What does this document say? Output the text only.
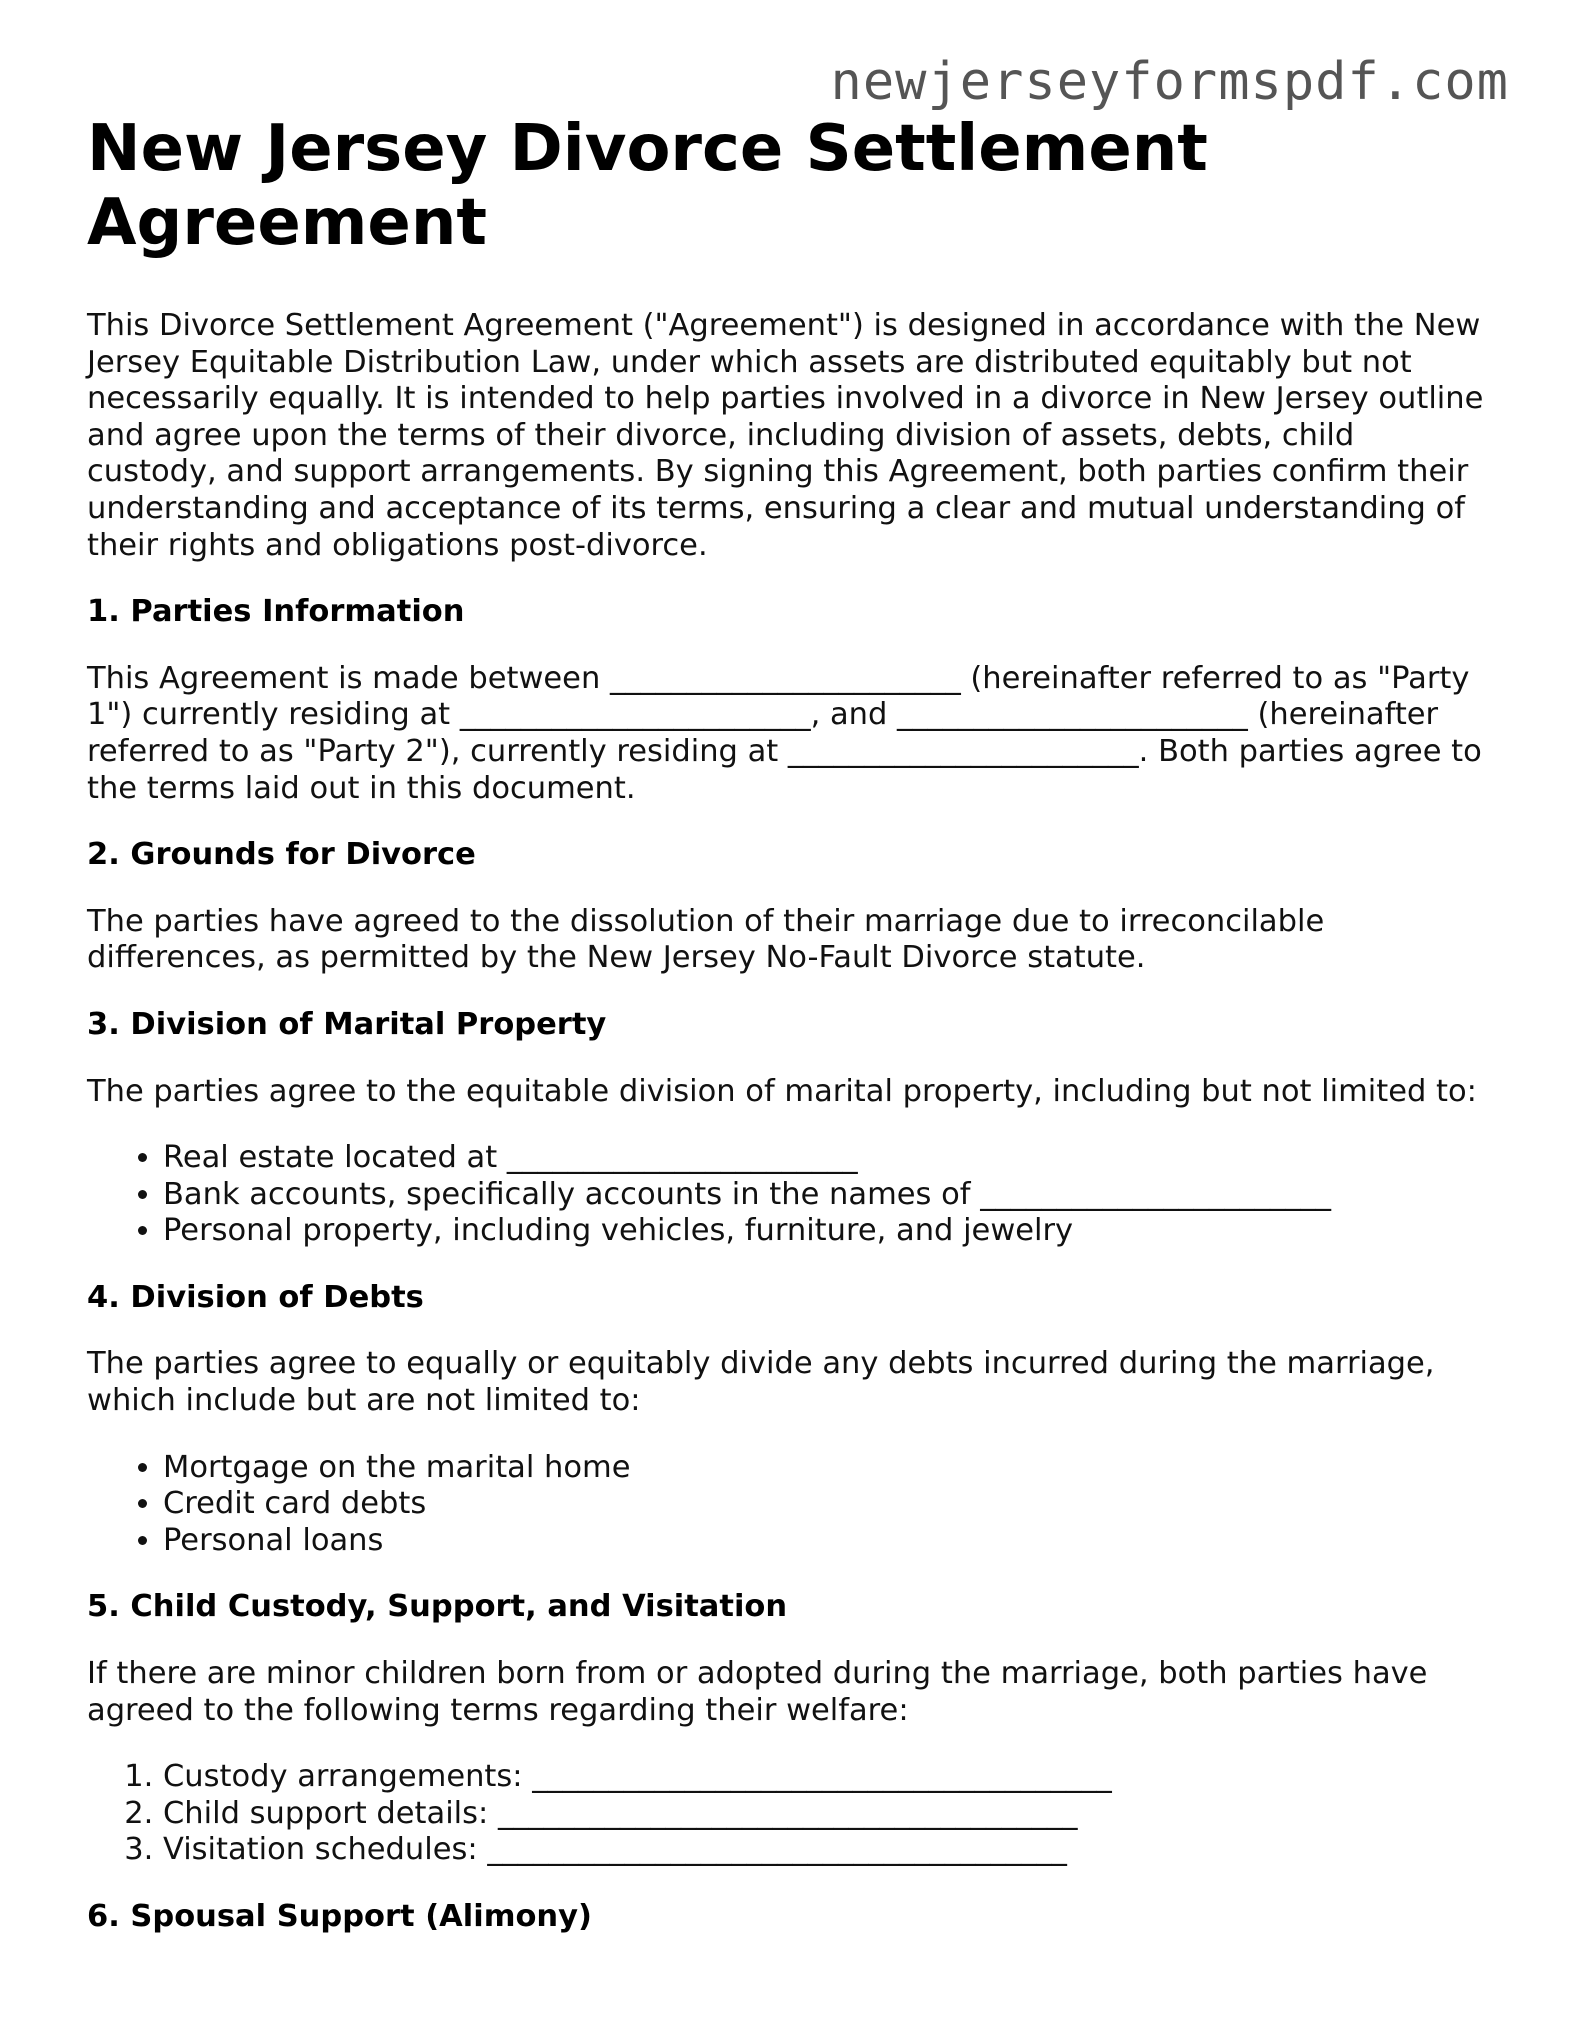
newjerseyformspdf.com
New Jersey Divorce Settlement Agreement

This Divorce Settlement Agreement ("Agreement") is designed in accordance with the New Jersey Equitable Distribution Law, under which assets are distributed equitably but not necessarily equally. It is intended to help parties involved in a divorce in New Jersey outline and agree upon the terms of their divorce, including division of assets, debts, child custody, and support arrangements. By signing this Agreement, both parties confirm their understanding and acceptance of its terms, ensuring a clear and mutual understanding of their rights and obligations post-divorce.

1. Parties Information

This Agreement is made between _______________________ (hereinafter referred to as "Party 1") currently residing at _______________________, and _______________________ (hereinafter referred to as "Party 2"), currently residing at _______________________. Both parties agree to the terms laid out in this document.

2. Grounds for Divorce

The parties have agreed to the dissolution of their marriage due to irreconcilable differences, as permitted by the New Jersey No-Fault Divorce statute.

3. Division of Marital Property

The parties agree to the equitable division of marital property, including but not limited to:

• Real estate located at _______________________
• Bank accounts, specifically accounts in the names of _______________________
• Personal property, including vehicles, furniture, and jewelry
4. Division of Debts

The parties agree to equally or equitably divide any debts incurred during the marriage, which include but are not limited to:

• Mortgage on the marital home
• Credit card debts
• Personal loans
5. Child Custody, Support, and Visitation

If there are minor children born from or adopted during the marriage, both parties have agreed to the following terms regarding their welfare:

1. Custody arrangements: ______________________________________
2. Child support details: ______________________________________
3. Visitation schedules: ______________________________________
6. Spousal Support (Alimony)
